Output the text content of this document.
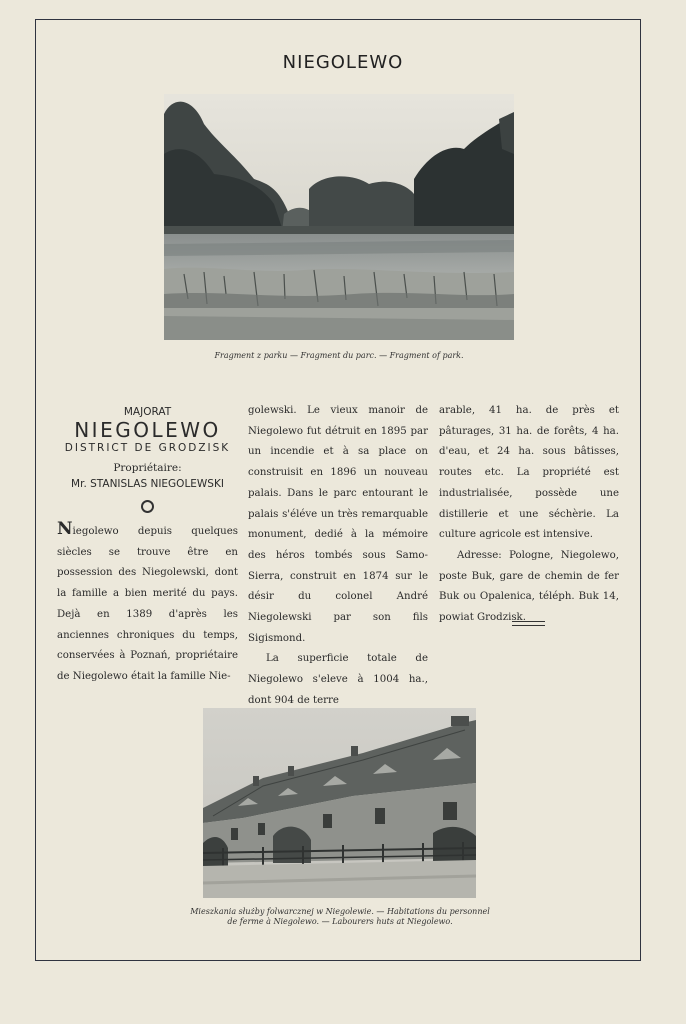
NIEGOLEWO
Fragment z parku — Fragment du parc. — Fragment of park.
MAJORAT
NIEGOLEWO
DISTRICT DE GRODZISK
Propriétaire:
Mr. STANISLAS NIEGOLEWSKI

Niegolewo depuis quelques siècles se trouve être en possession des Niegolewski, dont la famille a bien merité du pays. Dejà en 1389 d'après les anciennes chroniques du temps, conservées à Poznań, propriétaire de Niegolewo était la famille Nie-

golewski. Le vieux manoir de Niegolewo fut détruit en 1895 par un incendie et à sa place on construisit en 1896 un nouveau palais. Dans le parc entourant le palais s'éléve un très remarquable monument, dedié à la mémoire des héros tombés sous Samo-Sierra, construit en 1874 sur le désir du colonel André Niegolewski par son fils Sigismond.

La superficie totale de Niegolewo s'eleve à 1004 ha., dont 904 de terre

arable, 41 ha. de près et pâturages, 31 ha. de forêts, 4 ha. d'eau, et 24 ha. sous bâtisses, routes etc. La propriété est industrialisée, possède une distillerie et une séchèrie. La culture agricole est intensive.

Adresse: Pologne, Niegolewo, poste Buk, gare de chemin de fer Buk ou Opalenica, téléph. Buk 14, powiat Grodzisk.

Mieszkania służby folwarcznej w Niegolewie. — Habitations du personnel
de ferme à Niegolewo. — Labourers huts at Niegolewo.
